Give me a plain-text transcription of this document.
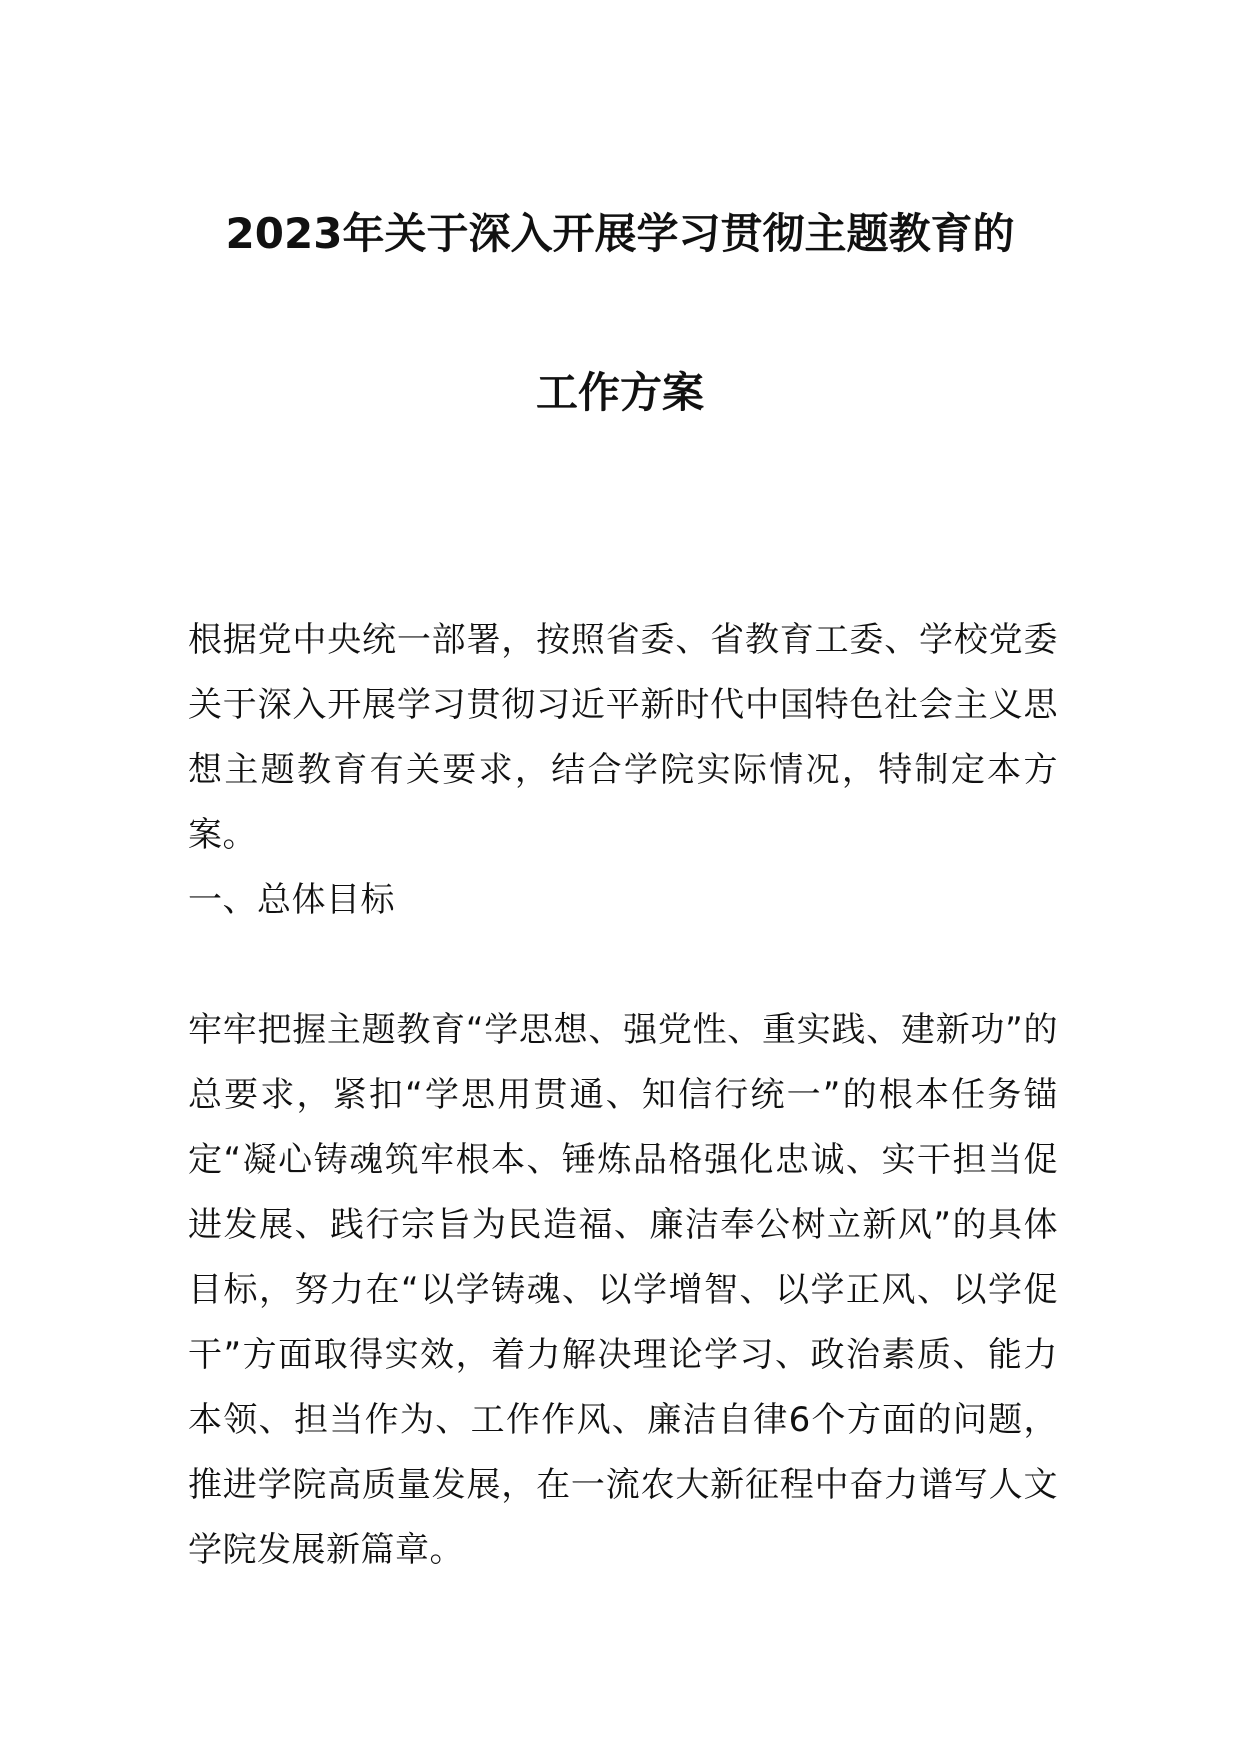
2023年关于深入开展学习贯彻主题教育的
工作方案
根据党中央统一部署，按照省委、省教育工委、学校党委关于深入开展学习贯彻习近平新时代中国特色社会主义思想主题教育有关要求，结合学院实际情况，特制定本方案。
一、总体目标
牢牢把握主题教育“学思想、强党性、重实践、建新功”的总要求，紧扣“学思用贯通、知信行统一”的根本任务锚定“凝心铸魂筑牢根本、锤炼品格强化忠诚、实干担当促进发展、践行宗旨为民造福、廉洁奉公树立新风”的具体目标，努力在“以学铸魂、以学增智、以学正风、以学促干”方面取得实效，着力解决理论学习、政治素质、能力本领、担当作为、工作作风、廉洁自律6个方面的问题，推进学院高质量发展，在一流农大新征程中奋力谱写人文学院发展新篇章。
